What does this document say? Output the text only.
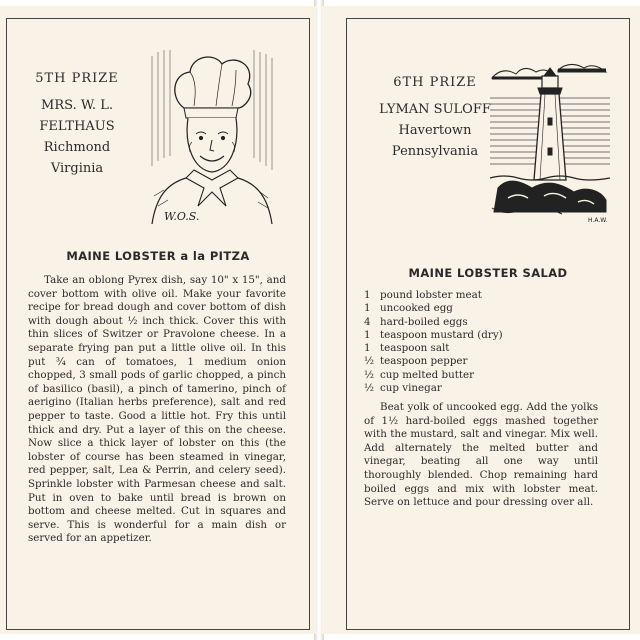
5TH PRIZE
MRS. W. L.
FELTHAUS
Richmond
Virginia
W.O.S.
MAINE LOBSTER a la PITZA

Take an oblong Pyrex dish, say 10" x 15", and cover bottom with olive oil. Make your favorite recipe for bread dough and cover bottom of dish with dough about ½ inch thick. Cover this with thin slices of Switzer or Pravolone cheese. In a separate frying pan put a little olive oil. In this put ¾ can of tomatoes, 1 medium onion chopped, 3 small pods of garlic chopped, a pinch of basilico (basil), a pinch of tamerino, pinch of aerigino (Italian herbs preference), salt and red pepper to taste. Good a little hot. Fry this until thick and dry. Put a layer of this on the cheese. Now slice a thick layer of lobster on this (the lobster of course has been steamed in vinegar, red pepper, salt, Lea & Perrin, and celery seed). Sprinkle lobster with Parmesan cheese and salt. Put in oven to bake until bread is brown on bottom and cheese melted. Cut in squares and serve. This is wonderful for a main dish or served for an appetizer.

6TH PRIZE
LYMAN SULOFF
Havertown
Pennsylvania
H.A.W.
MAINE LOBSTER SALAD
1 pound lobster meat
1 uncooked egg
4 hard-boiled eggs
1 teaspoon mustard (dry)
1 teaspoon salt
½ teaspoon pepper
½ cup melted butter
½ cup vinegar

Beat yolk of uncooked egg. Add the yolks of 1½ hard-boiled eggs mashed together with the mustard, salt and vinegar. Mix well. Add alternately the melted butter and vinegar, beating all one way until thoroughly blended. Chop remaining hard boiled eggs and mix with lobster meat. Serve on lettuce and pour dressing over all.
